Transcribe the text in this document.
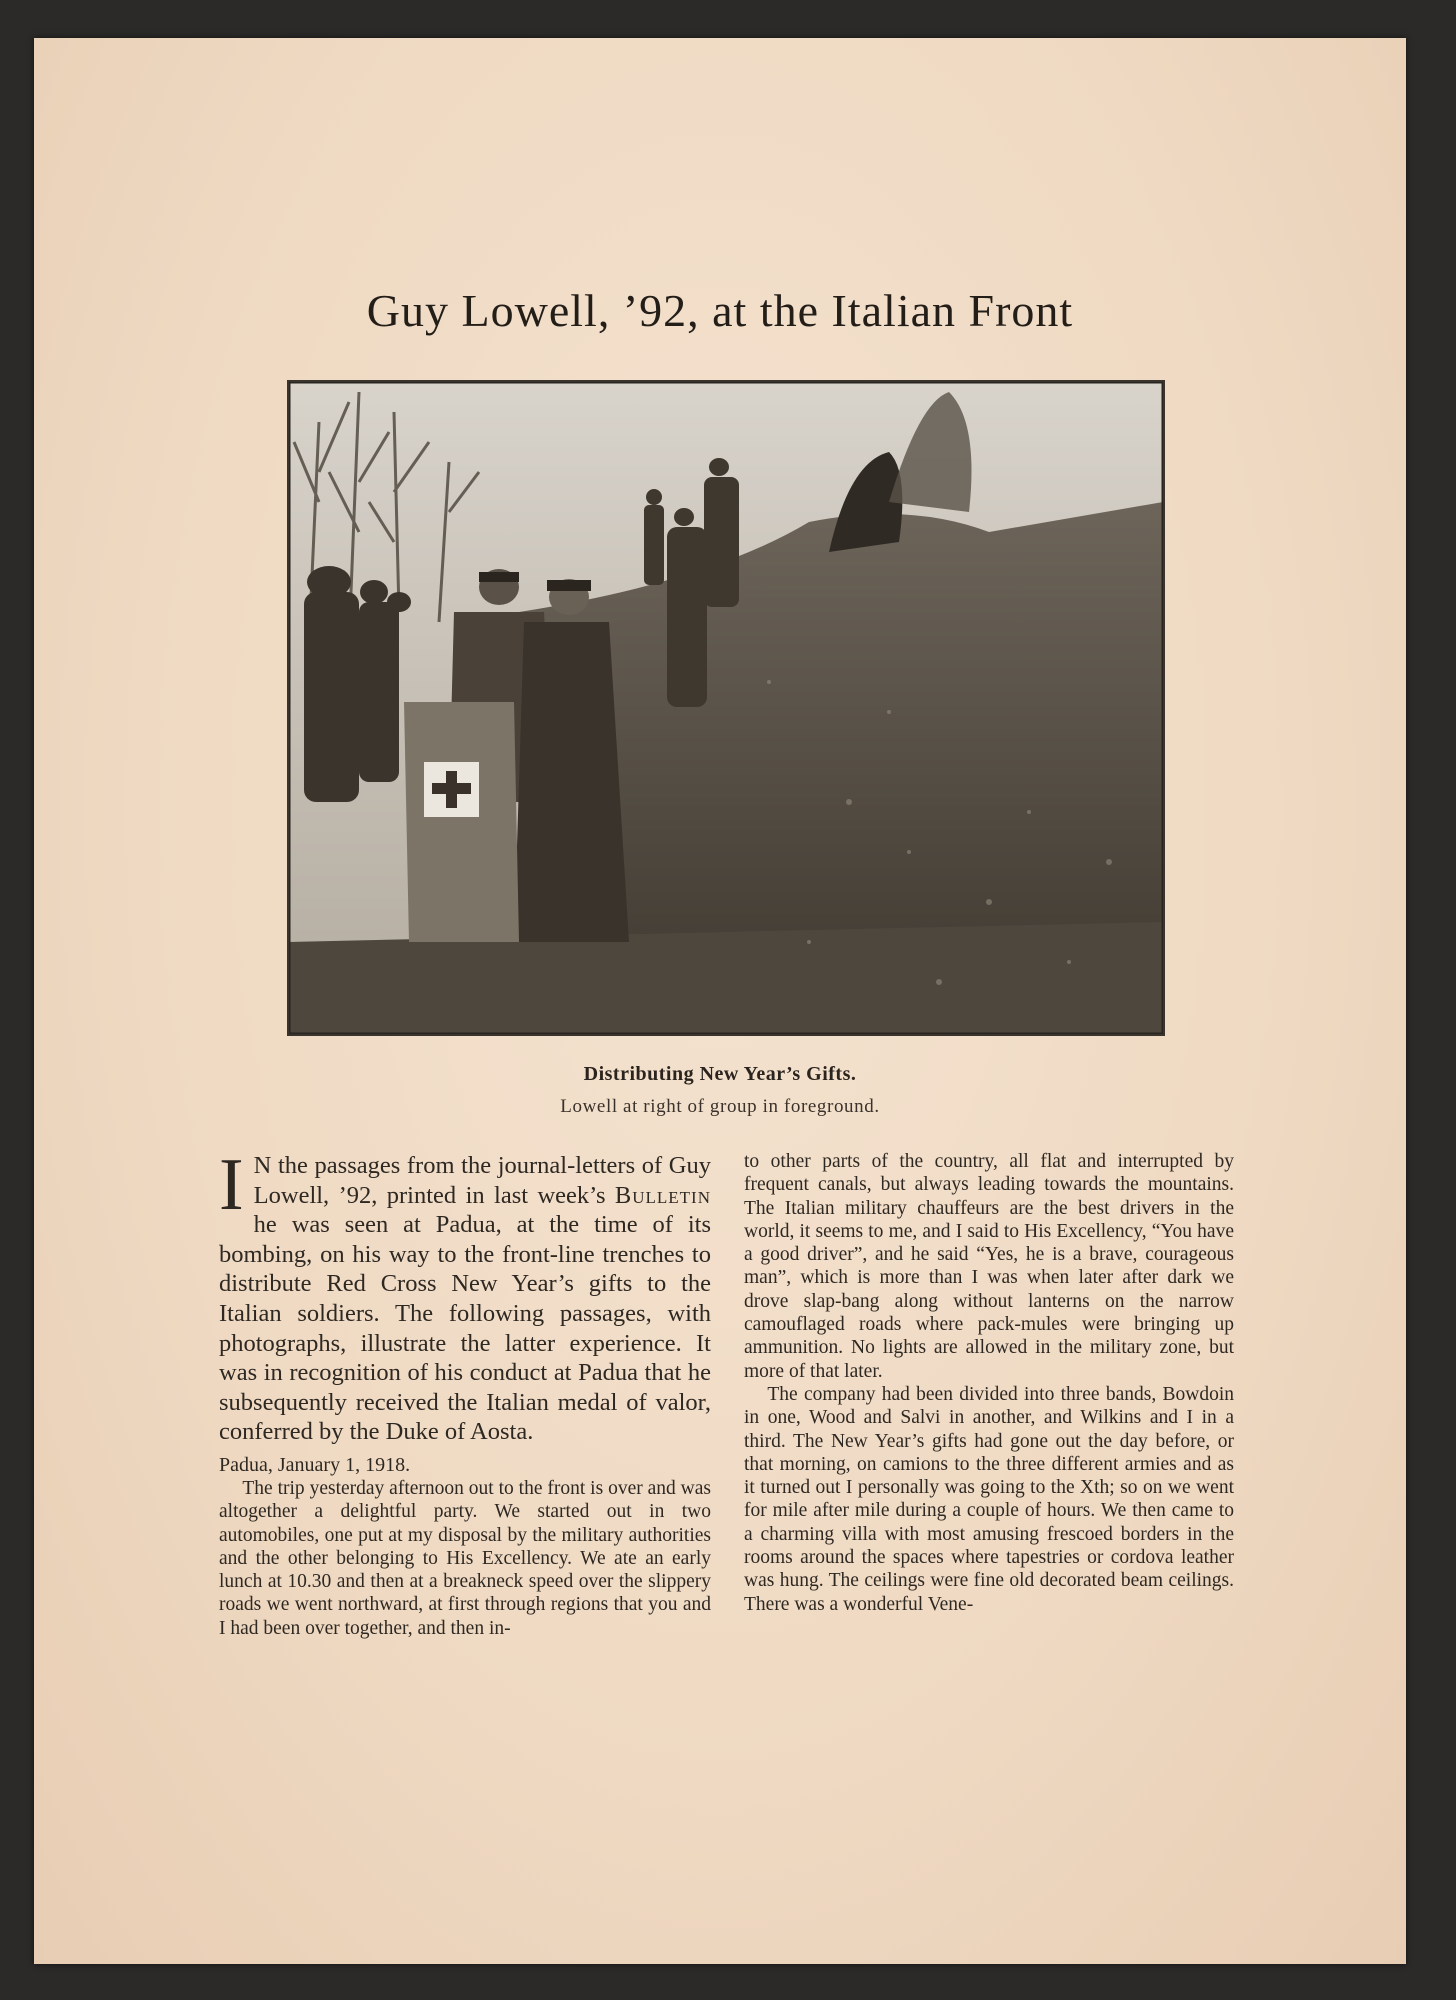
Guy Lowell, ’92, at the Italian Front
Distributing New Year’s Gifts.
Lowell at right of group in foreground.

I N the passages from the journal-letters of Guy Lowell, ’92, printed in last week’s Bulletin he was seen at Padua, at the time of its bombing, on his way to the front-line trenches to distribute Red Cross New Year’s gifts to the Italian soldiers. The following passages, with photographs, illustrate the latter experience. It was in recognition of his conduct at Padua that he subsequently received the Italian medal of valor, conferred by the Duke of Aosta.

Padua, January 1, 1918.

The trip yesterday afternoon out to the front is over and was altogether a delightful party. We started out in two automobiles, one put at my disposal by the military authorities and the other belonging to His Excellency. We ate an early lunch at 10.30 and then at a breakneck speed over the slippery roads we went northward, at first through regions that you and I had been over together, and then in-

to other parts of the country, all flat and interrupted by frequent canals, but always leading towards the mountains. The Italian military chauffeurs are the best drivers in the world, it seems to me, and I said to His Excellency, “You have a good driver”, and he said “Yes, he is a brave, courageous man”, which is more than I was when later after dark we drove slap-bang along without lanterns on the narrow camouflaged roads where pack-mules were bringing up ammunition. No lights are allowed in the military zone, but more of that later.

The company had been divided into three bands, Bowdoin in one, Wood and Salvi in another, and Wilkins and I in a third. The New Year’s gifts had gone out the day before, or that morning, on camions to the three different armies and as it turned out I personally was going to the Xth; so on we went for mile after mile during a couple of hours. We then came to a charming villa with most amusing frescoed borders in the rooms around the spaces where tapestries or cordova leather was hung. The ceilings were fine old decorated beam ceilings. There was a wonderful Vene-
